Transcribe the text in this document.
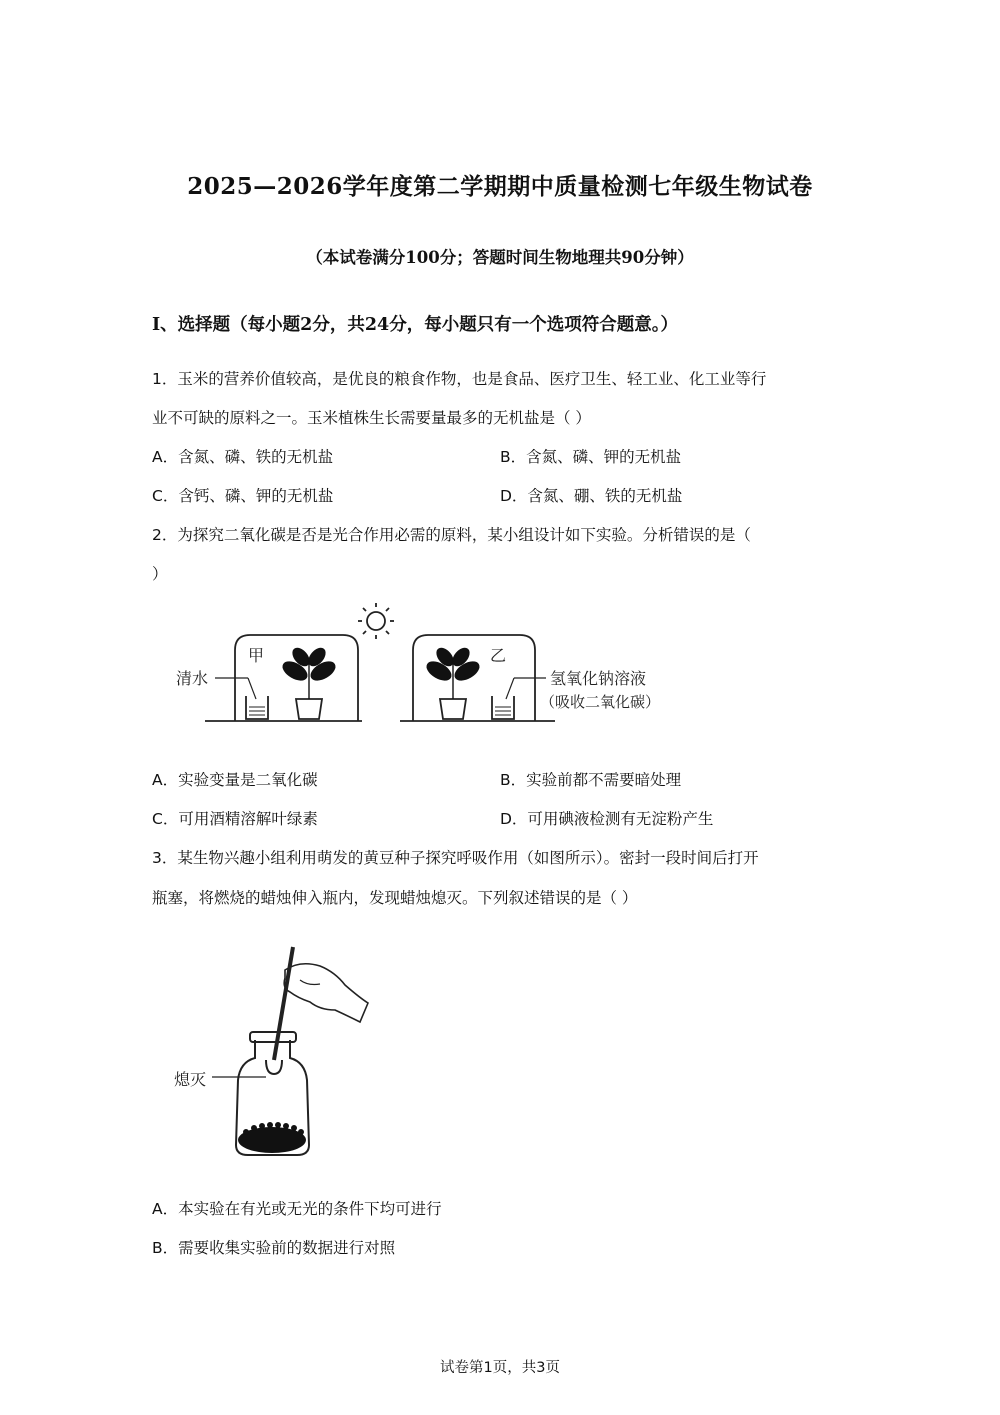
2025—2026学年度第二学期期中质量检测七年级生物试卷
（本试卷满分100分；答题时间生物地理共90分钟）
I、选择题（每小题2分，共24分，每小题只有一个选项符合题意。）
1．玉米的营养价值较高，是优良的粮食作物，也是食品、医疗卫生、轻工业、化工业等行
业不可缺的原料之一。玉米植株生长需要量最多的无机盐是（ ）
A．含氮、磷、铁的无机盐	B．含氮、磷、钾的无机盐
C．含钙、磷、钾的无机盐	D．含氮、硼、铁的无机盐
2．为探究二氧化碳是否是光合作用必需的原料，某小组设计如下实验。分析错误的是（
）
清水
甲	乙
氢氧化钠溶液
（吸收二氧化碳）
A．实验变量是二氧化碳	B．实验前都不需要暗处理
C．可用酒精溶解叶绿素	D．可用碘液检测有无淀粉产生
3．某生物兴趣小组利用萌发的黄豆种子探究呼吸作用（如图所示）。密封一段时间后打开
瓶塞，将燃烧的蜡烛伸入瓶内，发现蜡烛熄灭。下列叙述错误的是（ ）
熄灭
A．本实验在有光或无光的条件下均可进行
B．需要收集实验前的数据进行对照
试卷第1页，共3页
